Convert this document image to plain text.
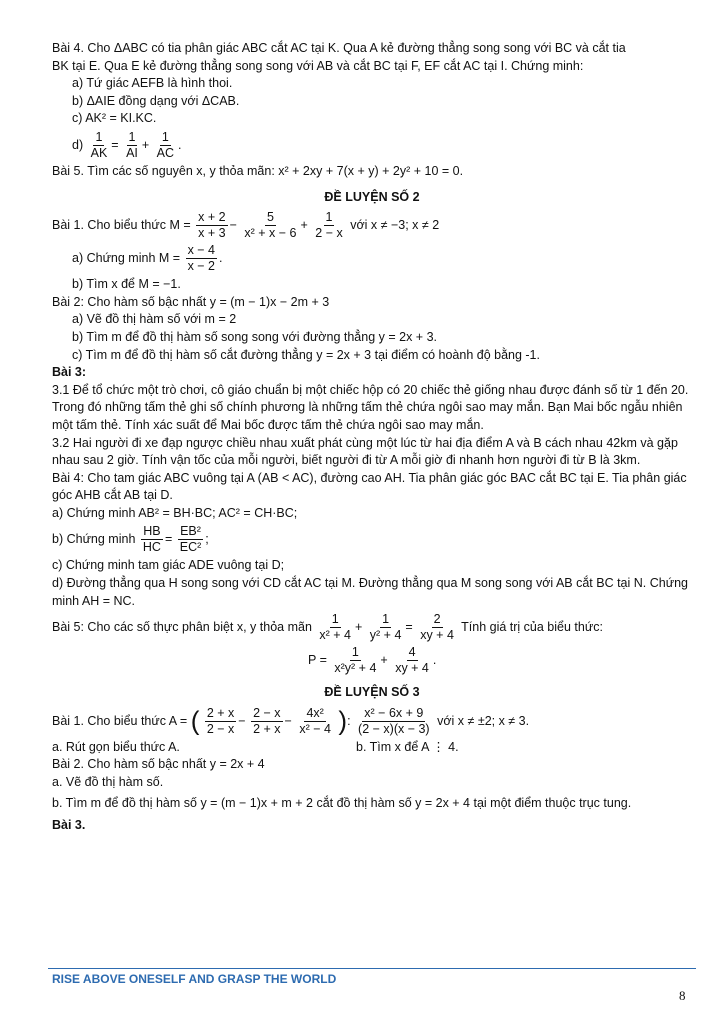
Bài 4. Cho ΔABC có tia phân giác ABC cắt AC tại K. Qua A kẻ đường thẳng song song với BC và cắt tia
BK tại E. Qua E kẻ đường thẳng song song với AB và cắt BC tại F, EF cắt AC tại I. Chứng minh:
a) Tứ giác AEFB là hình thoi.
b) ΔAIE đồng dạng với ΔCAB.
c) AK² = KI.KC.
$d) \frac{1}{AK} = \frac{1}{AI} + \frac{1}{AC}$ .
Bài 5. Tìm các số nguyên x, y thỏa mãn: x² + 2xy + 7(x + y) + 2y² + 10 = 0.
ĐỀ LUYỆN SỐ 2
Bài 1. Cho biểu thức $M = \frac{x + 2}{x + 3} - \frac{5}{\text{x² + x − 6}} + \frac{1}{2 - x}$ với x ≠ −3; x ≠ 2
a) Chứng minh $M = \frac{x - 4}{x - 2}$ .
b) Tìm x để M = −1.
Bài 2: Cho hàm số bậc nhất y = (m − 1)x − 2m + 3
a) Vẽ đồ thị hàm số với m = 2
b) Tìm m để đồ thị hàm số song song với đường thẳng y = 2x + 3.
c) Tìm m để đồ thị hàm số cắt đường thẳng y = 2x + 3 tại điểm có hoành độ bằng -1.
Bài 3:
3.1 Để tổ chức một trò chơi, cô giáo chuẩn bị một chiếc hộp có 20 chiếc thẻ giống nhau được đánh số từ 1 đến 20. Trong đó những tấm thẻ ghi số chính phương là những tấm thẻ chứa ngôi sao may mắn. Bạn Mai bốc ngẫu nhiên một tấm thẻ. Tính xác suất để Mai bốc được tấm thẻ chứa ngôi sao may mắn.
3.2 Hai người đi xe đạp ngược chiều nhau xuất phát cùng một lúc từ hai địa điểm A và B cách nhau 42km và gặp nhau sau 2 giờ. Tính vận tốc của mỗi người, biết người đi từ A mỗi giờ đi nhanh hơn người đi từ B là 3km.
Bài 4: Cho tam giác ABC vuông tại A (AB < AC), đường cao AH. Tia phân giác góc BAC cắt BC tại E. Tia phân giác góc AHB cắt AB tại D.
a) Chứng minh AB² = BH·BC; AC² = CH·BC;
b) Chứng minh $\frac{HB}{HC} = \frac{\text{EB²}}{\text{EC²}}$ ;
c) Chứng minh tam giác ADE vuông tại D;
d) Đường thẳng qua H song song với CD cắt AC tại M. Đường thẳng qua M song song với AB cắt BC tại N. Chứng minh AH = NC.
Bài 5: Cho các số thực phân biệt x, y thỏa mãn $\frac{1}{\text{x² + 4}} + \frac{1}{\text{y² + 4}} = \frac{2}{xy + 4}$ Tính giá trị của biểu thức:
$P = \frac{1}{\text{x²y² + 4}} + \frac{4}{xy + 4}$ .
ĐỀ LUYỆN SỐ 3
Bài 1. Cho biểu thức A = ( $\frac{2 + x}{2 - x} - \frac{2 - x}{2 + x} - \frac{\text{4x²}}{\text{x² − 4}}$ ): $\frac{\text{x² − 6x + 9}}{(2 - x)(x - 3)}$ với x ≠ ±2; x ≠ 3.
a. Rút gọn biểu thức A.	b. Tìm x để A ⋮ 4.
Bài 2. Cho hàm số bậc nhất y = 2x + 4
a. Vẽ đồ thị hàm số.
b. Tìm m để đồ thị hàm số y = (m − 1)x + m + 2 cắt đồ thị hàm số y = 2x + 4 tại một điểm thuộc trục tung.
Bài 3.
RISE ABOVE ONESELF AND GRASP THE WORLD
8
